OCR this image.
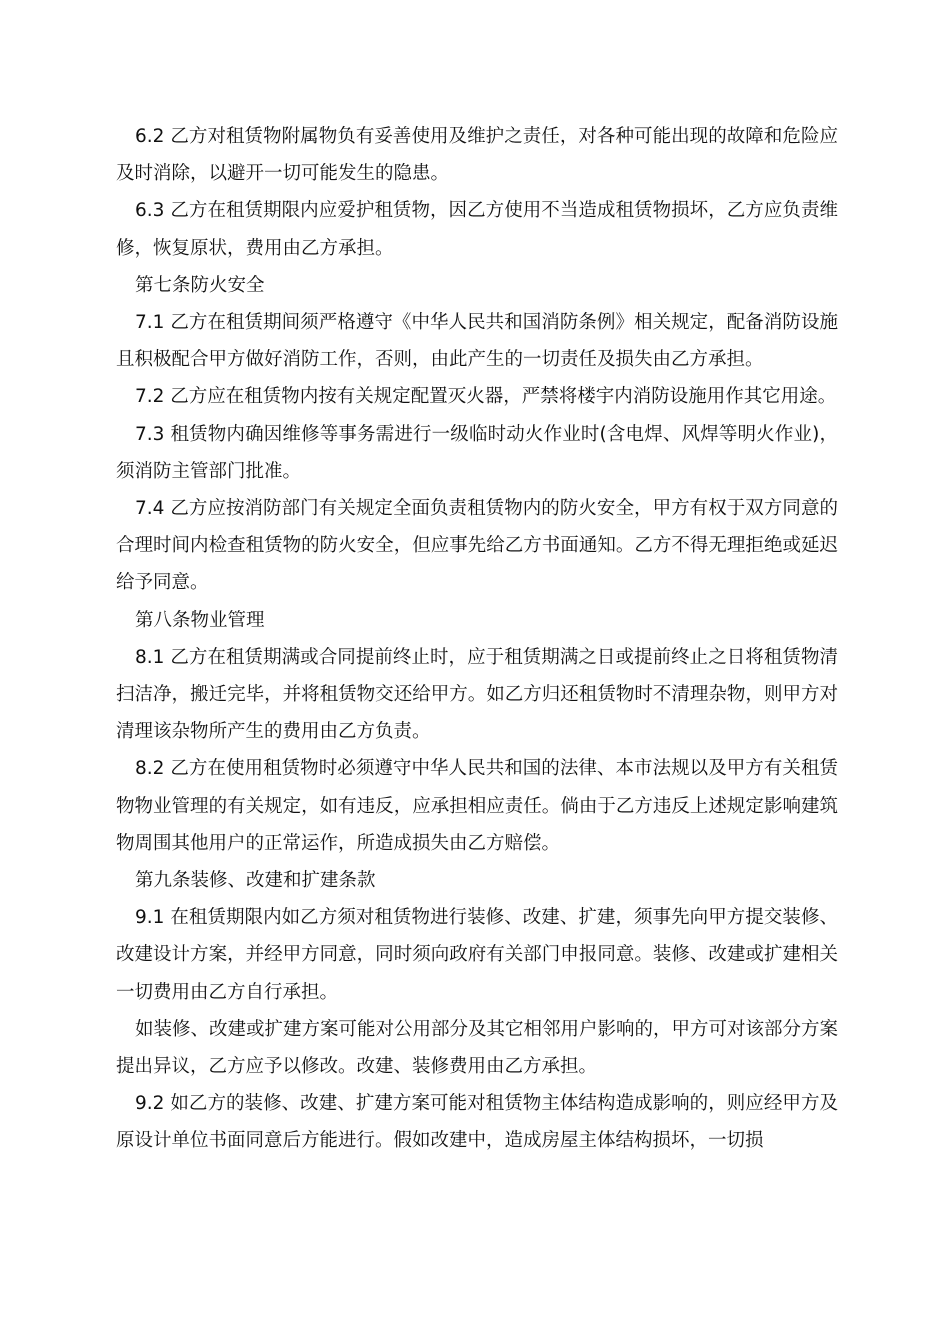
6.2 乙方对租赁物附属物负有妥善使用及维护之责任，对各种可能出现的故障和危险应及时消除，以避开一切可能发生的隐患。

6.3 乙方在租赁期限内应爱护租赁物，因乙方使用不当造成租赁物损坏，乙方应负责维修，恢复原状，费用由乙方承担。

第七条防火安全

7.1 乙方在租赁期间须严格遵守《中华人民共和国消防条例》相关规定，配备消防设施且积极配合甲方做好消防工作，否则，由此产生的一切责任及损失由乙方承担。

7.2 乙方应在租赁物内按有关规定配置灭火器，严禁将楼宇内消防设施用作其它用途。

7.3 租赁物内确因维修等事务需进行一级临时动火作业时(含电焊、风焊等明火作业)，须消防主管部门批准。

7.4 乙方应按消防部门有关规定全面负责租赁物内的防火安全，甲方有权于双方同意的合理时间内检查租赁物的防火安全，但应事先给乙方书面通知。乙方不得无理拒绝或延迟给予同意。

第八条物业管理

8.1 乙方在租赁期满或合同提前终止时，应于租赁期满之日或提前终止之日将租赁物清扫洁净，搬迁完毕，并将租赁物交还给甲方。如乙方归还租赁物时不清理杂物，则甲方对清理该杂物所产生的费用由乙方负责。

8.2 乙方在使用租赁物时必须遵守中华人民共和国的法律、本市法规以及甲方有关租赁物物业管理的有关规定，如有违反，应承担相应责任。倘由于乙方违反上述规定影响建筑物周围其他用户的正常运作，所造成损失由乙方赔偿。

第九条装修、改建和扩建条款

9.1 在租赁期限内如乙方须对租赁物进行装修、改建、扩建，须事先向甲方提交装修、改建设计方案，并经甲方同意，同时须向政府有关部门申报同意。装修、改建或扩建相关一切费用由乙方自行承担。

如装修、改建或扩建方案可能对公用部分及其它相邻用户影响的，甲方可对该部分方案提出异议，乙方应予以修改。改建、装修费用由乙方承担。

9.2 如乙方的装修、改建、扩建方案可能对租赁物主体结构造成影响的，则应经甲方及原设计单位书面同意后方能进行。假如改建中，造成房屋主体结构损坏，一切损
